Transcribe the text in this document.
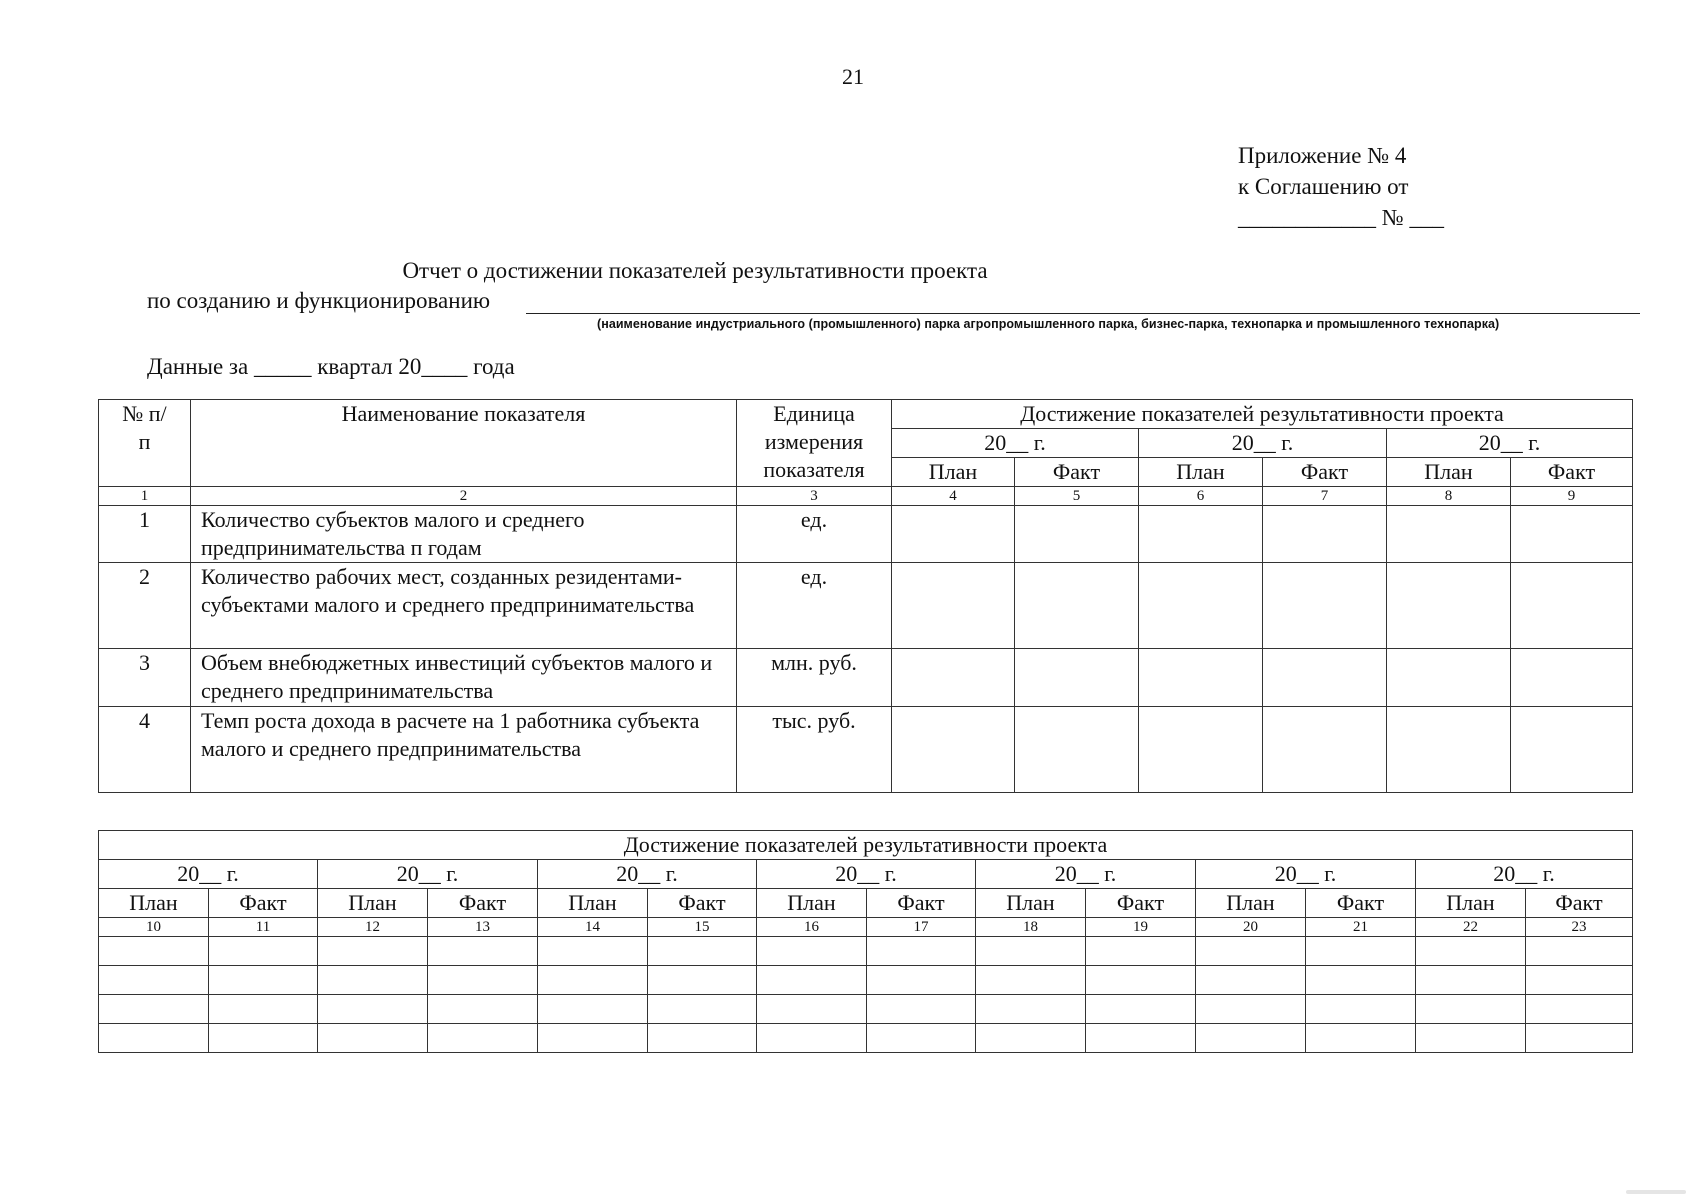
21
Приложение № 4
к Соглашению от
____________ № ___
Отчет о достижении показателей результативности проекта
по созданию и функционированию
(наименование индустриального (промышленного) парка агропромышленного парка, бизнес-парка, технопарка и промышленного технопарка)
Данные за _____ квартал 20____ года
№ п/п	Наименование показателя	Единица измерения показателя	Достижение показателей результативности проекта					
			20__ г.		20__ г.		20__ г.	
			План	Факт	План	Факт	План	Факт
1	2	3	4	5	6	7	8	9
1	Количество субъектов малого и среднего предпринимательства п годам	ед.						
2	Количество рабочих мест, созданных резидентами-субъектами малого и среднего предпринимательства	ед.						
3	Объем внебюджетных инвестиций субъектов малого и среднего предпринимательства	млн. руб.						
4	Темп роста дохода в расчете на 1 работника субъекта малого и среднего предпринимательства	тыс. руб.						
Достижение показателей результативности проекта													
20__ г.		20__ г.		20__ г.		20__ г.		20__ г.		20__ г.		20__ г.	
План	Факт	План	Факт	План	Факт	План	Факт	План	Факт	План	Факт	План	Факт
10	11	12	13	14	15	16	17	18	19	20	21	22	23
